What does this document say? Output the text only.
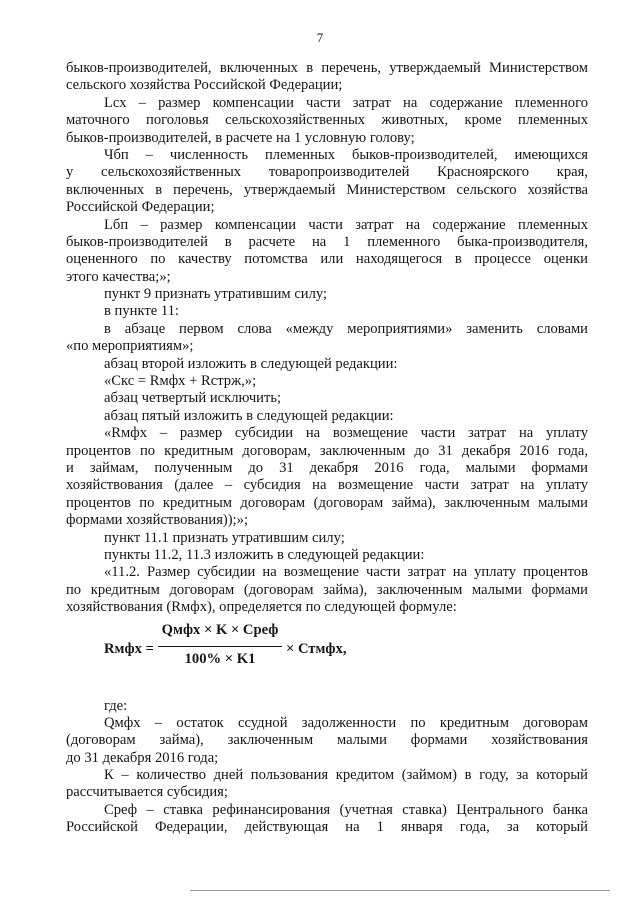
7
быков-производителей, включенных в перечень, утверждаемый Министерством
сельского хозяйства Российской Федерации;
Lсх – размер компенсации части затрат на содержание племенного
маточного поголовья сельскохозяйственных животных, кроме племенных
быков-производителей, в расчете на 1 условную голову;
Чбп – численность племенных быков-производителей, имеющихся
у сельскохозяйственных товаропроизводителей Красноярского края,
включенных в перечень, утверждаемый Министерством сельского хозяйства
Российской Федерации;
Lбп – размер компенсации части затрат на содержание племенных
быков-производителей в расчете на 1 племенного быка-производителя,
оцененного по качеству потомства или находящегося в процессе оценки
этого качества;»;
пункт 9 признать утратившим силу;
в пункте 11:
в абзаце первом слова «между мероприятиями» заменить словами
«по мероприятиям»;
абзац второй изложить в следующей редакции:
«Скс = Rмфх + Rстрж,»;
абзац четвертый исключить;
абзац пятый изложить в следующей редакции:
«Rмфх – размер субсидии на возмещение части затрат на уплату
процентов по кредитным договорам, заключенным до 31 декабря 2016 года,
и займам, полученным до 31 декабря 2016 года, малыми формами
хозяйствования (далее – субсидия на возмещение части затрат на уплату
процентов по кредитным договорам (договорам займа), заключенным малыми
формами хозяйствования));»;
пункт 11.1 признать утратившим силу;
пункты 11.2, 11.3 изложить в следующей редакции:
«11.2. Размер субсидии на возмещение части затрат на уплату процентов
по кредитным договорам (договорам займа), заключенным малыми формами
хозяйствования (Rмфх), определяется по следующей формуле:
Rмфх =
Qмфх × K × Среф
100% × K1
× Стмфх,
где:
Qмфх – остаток ссудной задолженности по кредитным договорам
(договорам займа), заключенным малыми формами хозяйствования
до 31 декабря 2016 года;
К – количество дней пользования кредитом (займом) в году, за который
рассчитывается субсидия;
Среф – ставка рефинансирования (учетная ставка) Центрального банка
Российской Федерации, действующая на 1 января года, за который
